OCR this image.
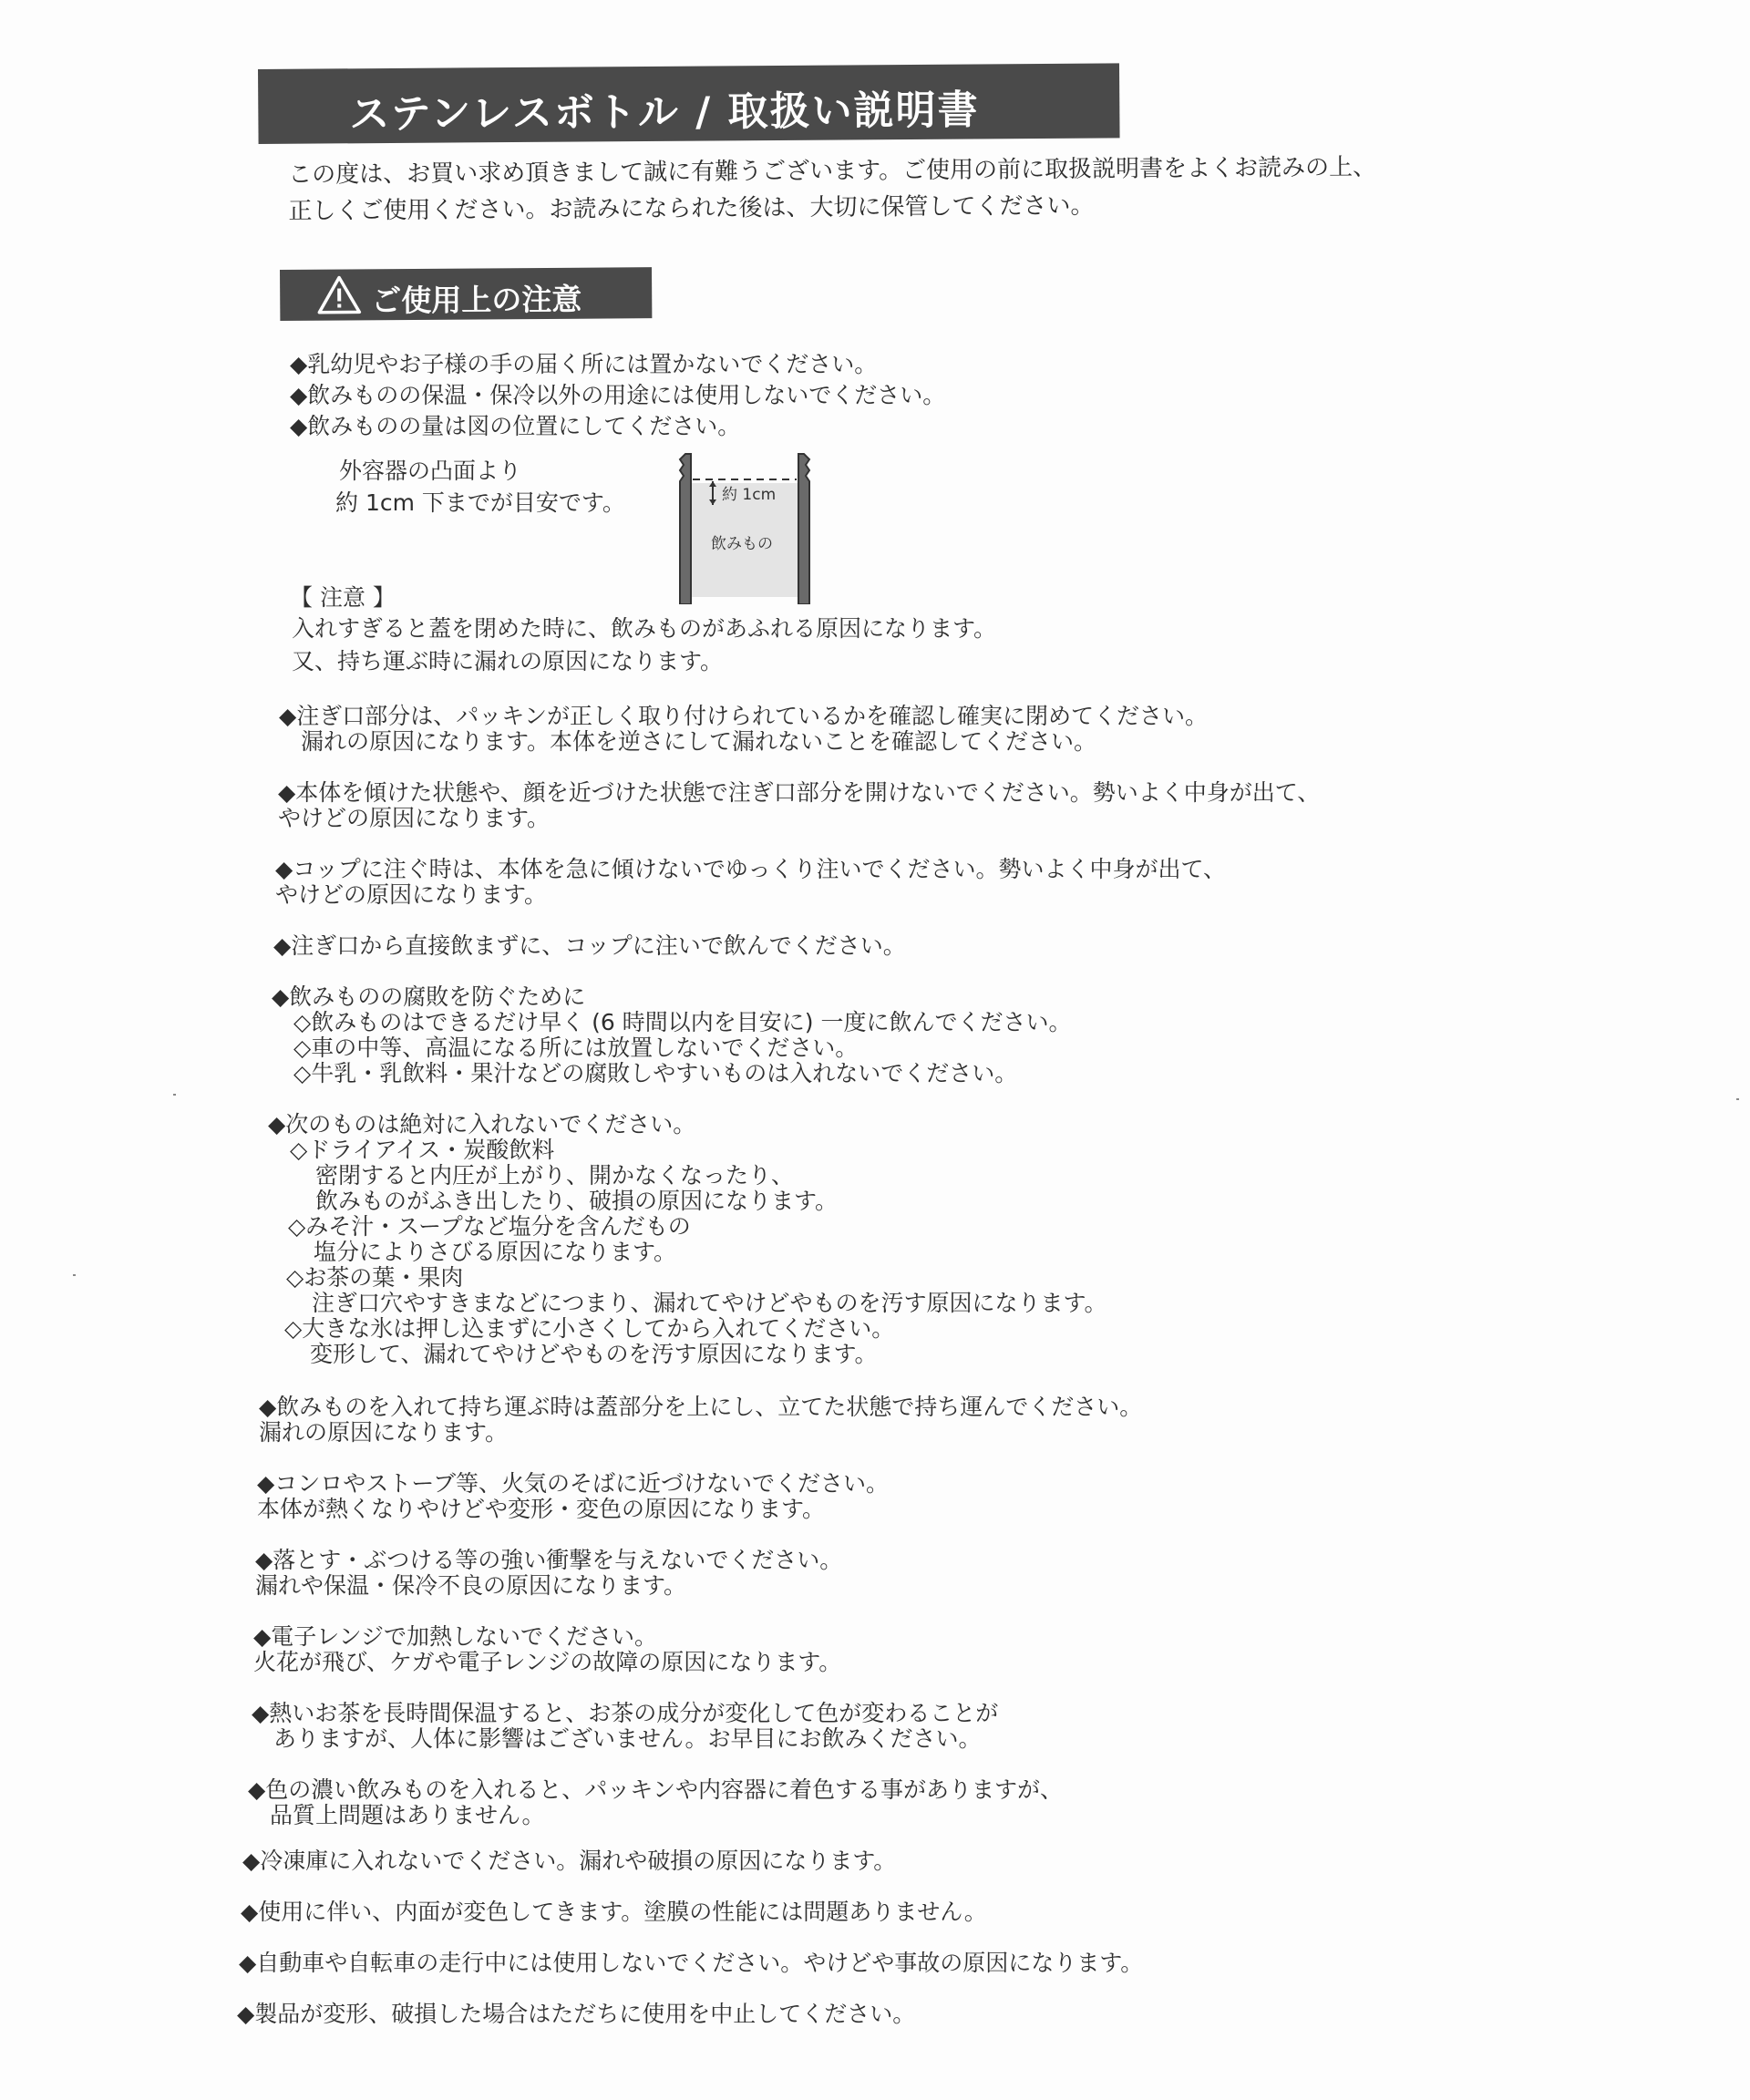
ステンレスボトル / 取扱い説明書
この度は、お買い求め頂きまして誠に有難うございます。ご使用の前に取扱説明書をよくお読みの上、
正しくご使用ください。お読みになられた後は、大切に保管してください。
ご使用上の注意
◆乳幼児やお子様の手の届く所には置かないでください。
◆飲みものの保温・保冷以外の用途には使用しないでください。
◆飲みものの量は図の位置にしてください。
外容器の凸面より
約 1cm 下までが目安です。	約 1cm
飲みもの
【 注意 】
入れすぎると蓋を閉めた時に、飲みものがあふれる原因になります。
又、持ち運ぶ時に漏れの原因になります。
◆注ぎ口部分は、パッキンが正しく取り付けられているかを確認し確実に閉めてください。
漏れの原因になります。本体を逆さにして漏れないことを確認してください。
◆本体を傾けた状態や、顔を近づけた状態で注ぎ口部分を開けないでください。勢いよく中身が出て、
やけどの原因になります。
◆コップに注ぐ時は、本体を急に傾けないでゆっくり注いでください。勢いよく中身が出て、
やけどの原因になります。
◆注ぎ口から直接飲まずに、コップに注いで飲んでください。
◆飲みものの腐敗を防ぐために
◇飲みものはできるだけ早く (6 時間以内を目安に) 一度に飲んでください。
◇車の中等、高温になる所には放置しないでください。
◇牛乳・乳飲料・果汁などの腐敗しやすいものは入れないでください。
◆次のものは絶対に入れないでください。
◇ドライアイス・炭酸飲料
密閉すると内圧が上がり、開かなくなったり、
飲みものがふき出したり、破損の原因になります。
◇みそ汁・スープなど塩分を含んだもの
塩分によりさびる原因になります。
◇お茶の葉・果肉
注ぎ口穴やすきまなどにつまり、漏れてやけどやものを汚す原因になります。
◇大きな氷は押し込まずに小さくしてから入れてください。
変形して、漏れてやけどやものを汚す原因になります。
◆飲みものを入れて持ち運ぶ時は蓋部分を上にし、立てた状態で持ち運んでください。
漏れの原因になります。
◆コンロやストーブ等、火気のそばに近づけないでください。
本体が熱くなりやけどや変形・変色の原因になります。
◆落とす・ぶつける等の強い衝撃を与えないでください。
漏れや保温・保冷不良の原因になります。
◆電子レンジで加熱しないでください。
火花が飛び、ケガや電子レンジの故障の原因になります。
◆熱いお茶を長時間保温すると、お茶の成分が変化して色が変わることが
ありますが、人体に影響はございません。お早目にお飲みください。
◆色の濃い飲みものを入れると、パッキンや内容器に着色する事がありますが、
品質上問題はありません。
◆冷凍庫に入れないでください。漏れや破損の原因になります。
◆使用に伴い、内面が変色してきます。塗膜の性能には問題ありません。
◆自動車や自転車の走行中には使用しないでください。やけどや事故の原因になります。
◆製品が変形、破損した場合はただちに使用を中止してください。
